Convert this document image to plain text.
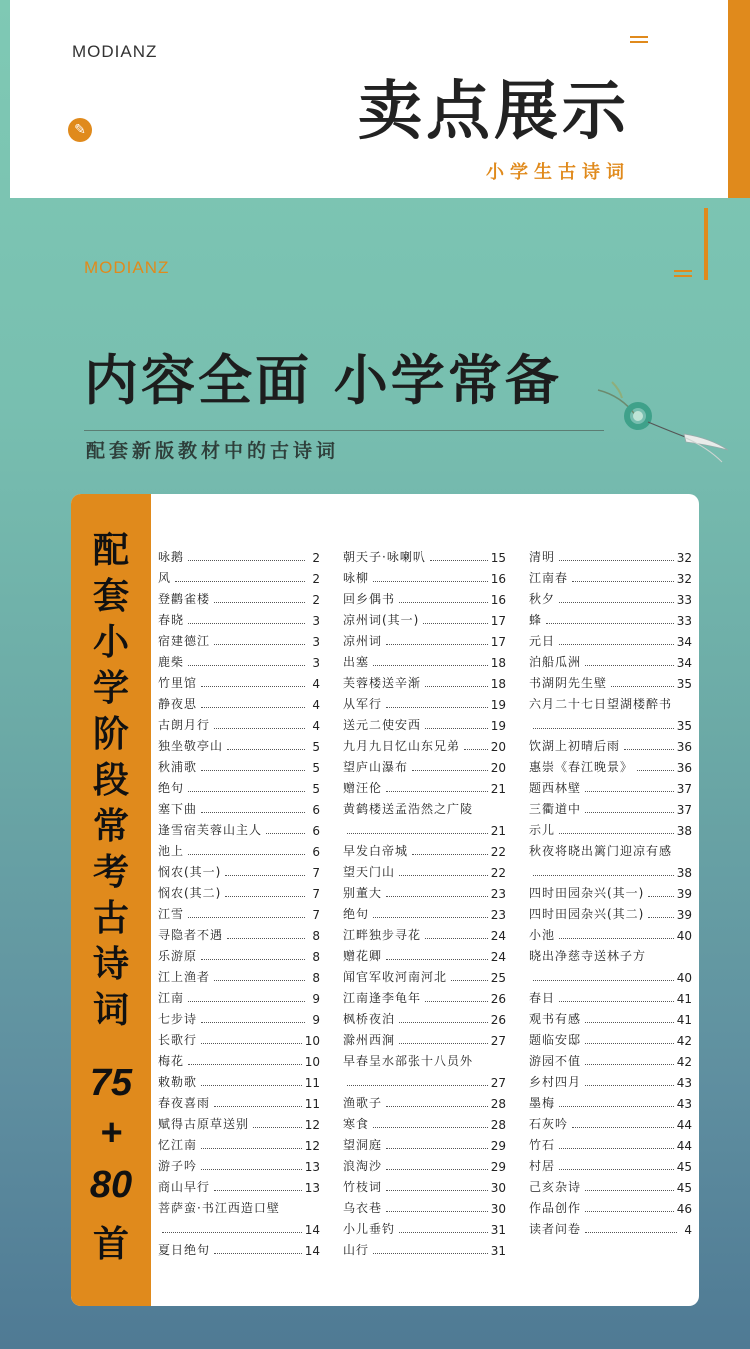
MODIANZ
✎	卖点展示
小学生古诗词
MODIANZ
内容全面 小学常备
配套新版教材中的古诗词
配
套
小
学
阶
段
常
考
古
诗
词
75
+
80
首
咏鹅	2
风	2
登鹳雀楼	2
春晓	3
宿建德江	3
鹿柴	3
竹里馆	4
静夜思	4
古朗月行	4
独坐敬亭山	5
秋浦歌	5
绝句	5
塞下曲	6
逢雪宿芙蓉山主人	6
池上	6
悯农(其一)	7
悯农(其二)	7
江雪	7
寻隐者不遇	8
乐游原	8
江上渔者	8
江南	9
七步诗	9
长歌行	10
梅花	10
敕勒歌	11
春夜喜雨	11
赋得古原草送别	12
忆江南	12
游子吟	13
商山早行	13
菩萨蛮·书江西造口壁
14
夏日绝句	14
朝天子·咏喇叭	15
咏柳	16
回乡偶书	16
凉州词(其一)	17
凉州词	17
出塞	18
芙蓉楼送辛渐	18
从军行	19
送元二使安西	19
九月九日忆山东兄弟	20
望庐山瀑布	20
赠汪伦	21
黄鹤楼送孟浩然之广陵
21
早发白帝城	22
望天门山	22
别董大	23
绝句	23
江畔独步寻花	24
赠花卿	24
闻官军收河南河北	25
江南逢李龟年	26
枫桥夜泊	26
滁州西涧	27
早春呈水部张十八员外
27
渔歌子	28
寒食	28
望洞庭	29
浪淘沙	29
竹枝词	30
乌衣巷	30
小儿垂钓	31
山行	31
清明	32
江南春	32
秋夕	33
蜂	33
元日	34
泊船瓜洲	34
书湖阴先生壁	35
六月二十七日望湖楼醉书
35
饮湖上初晴后雨	36
惠崇《春江晚景》	36
题西林壁	37
三衢道中	37
示儿	38
秋夜将晓出篱门迎凉有感
38
四时田园杂兴(其一)	39
四时田园杂兴(其二)	39
小池	40
晓出净慈寺送林子方
40
春日	41
观书有感	41
题临安邸	42
游园不值	42
乡村四月	43
墨梅	43
石灰吟	44
竹石	44
村居	45
己亥杂诗	45
作品创作	46
读者问卷	4
